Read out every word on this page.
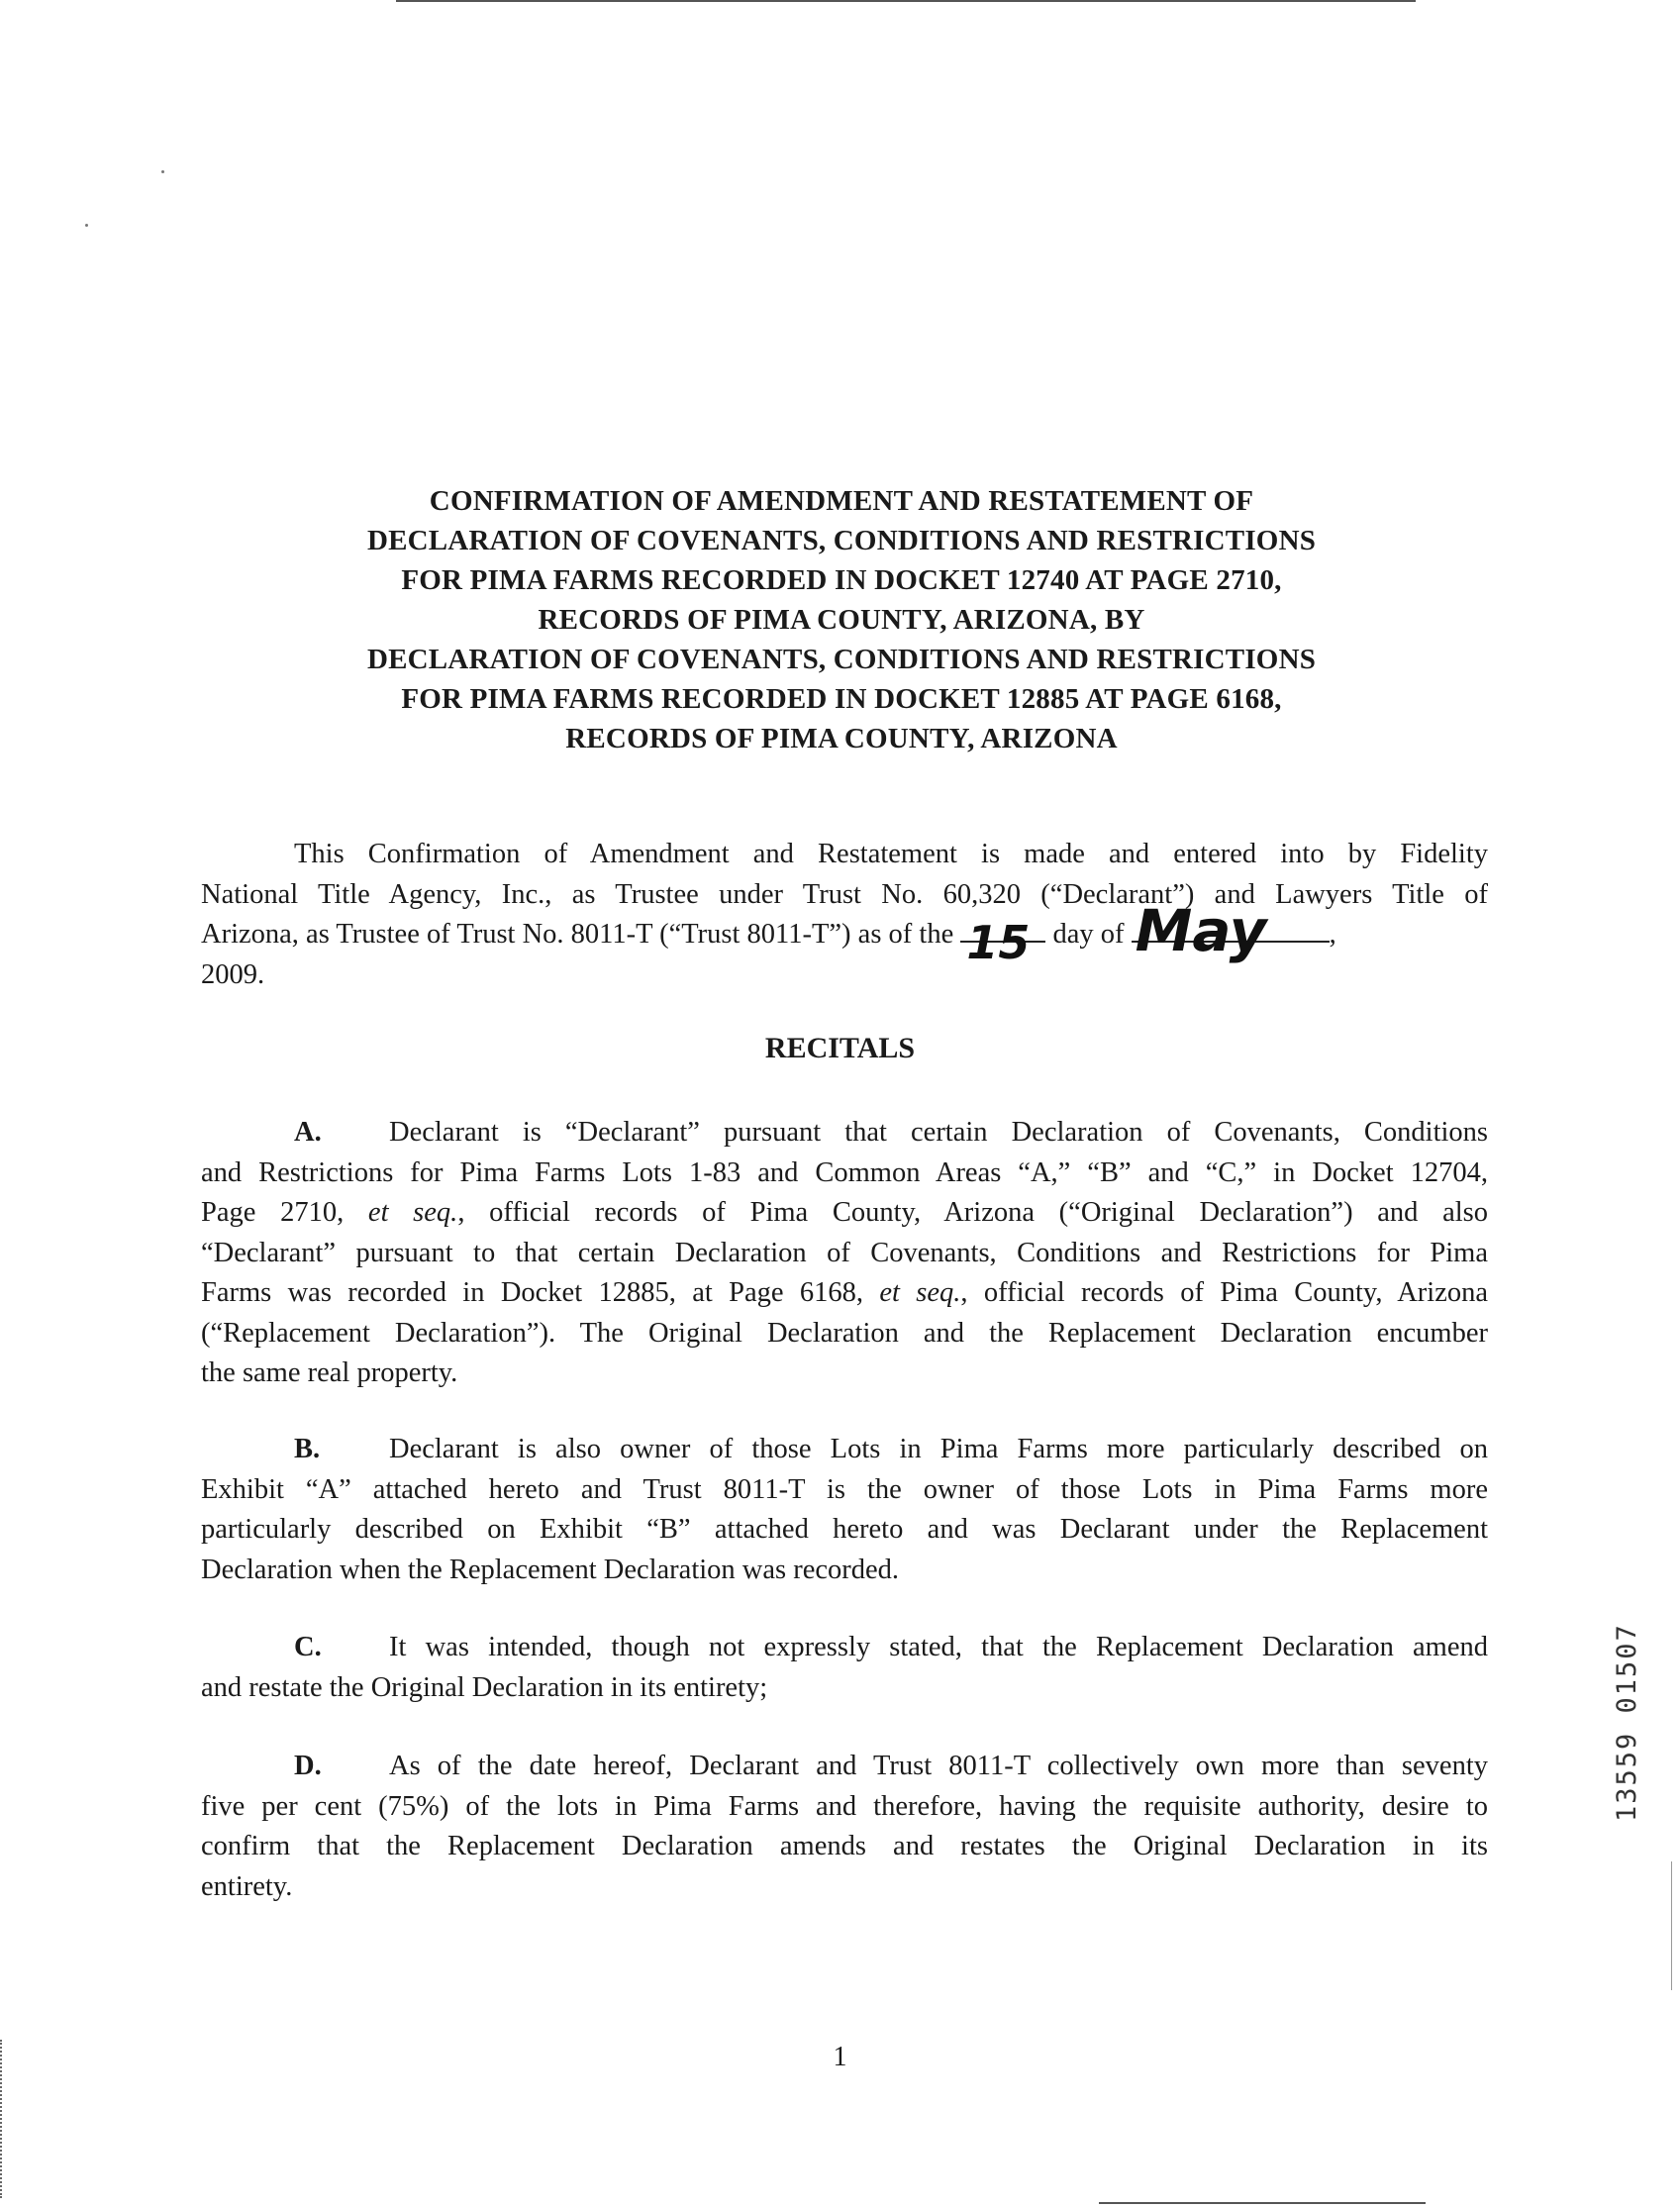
CONFIRMATION OF AMENDMENT AND RESTATEMENT OF
DECLARATION OF COVENANTS, CONDITIONS AND RESTRICTIONS
FOR PIMA FARMS RECORDED IN DOCKET 12740 AT PAGE 2710,
RECORDS OF PIMA COUNTY, ARIZONA, BY
DECLARATION OF COVENANTS, CONDITIONS AND RESTRICTIONS
FOR PIMA FARMS RECORDED IN DOCKET 12885 AT PAGE 6168,
RECORDS OF PIMA COUNTY, ARIZONA
This Confirmation of Amendment and Restatement is made and entered into by Fidelity
National Title Agency, Inc., as Trustee under Trust No. 60,320 (“Declarant”) and Lawyers Title of
Arizona, as Trustee of Trust No. 8011-T (“Trust 8011-T”) as of the 15 day of May ,
2009.
RECITALS
A. Declarant is “Declarant” pursuant that certain Declaration of Covenants, Conditions
and Restrictions for Pima Farms Lots 1-83 and Common Areas “A,” “B” and “C,” in Docket 12704,
Page 2710, et seq., official records of Pima County, Arizona (“Original Declaration”) and also
“Declarant” pursuant to that certain Declaration of Covenants, Conditions and Restrictions for Pima
Farms was recorded in Docket 12885, at Page 6168, et seq., official records of Pima County, Arizona
(“Replacement Declaration”). The Original Declaration and the Replacement Declaration encumber
the same real property.
B. Declarant is also owner of those Lots in Pima Farms more particularly described on
Exhibit “A” attached hereto and Trust 8011-T is the owner of those Lots in Pima Farms more
particularly described on Exhibit “B” attached hereto and was Declarant under the Replacement
Declaration when the Replacement Declaration was recorded.
C. It was intended, though not expressly stated, that the Replacement Declaration amend
and restate the Original Declaration in its entirety;
D. As of the date hereof, Declarant and Trust 8011-T collectively own more than seventy
five per cent (75%) of the lots in Pima Farms and therefore, having the requisite authority, desire to
confirm that the Replacement Declaration amends and restates the Original Declaration in its
entirety.
13559 01507
1
